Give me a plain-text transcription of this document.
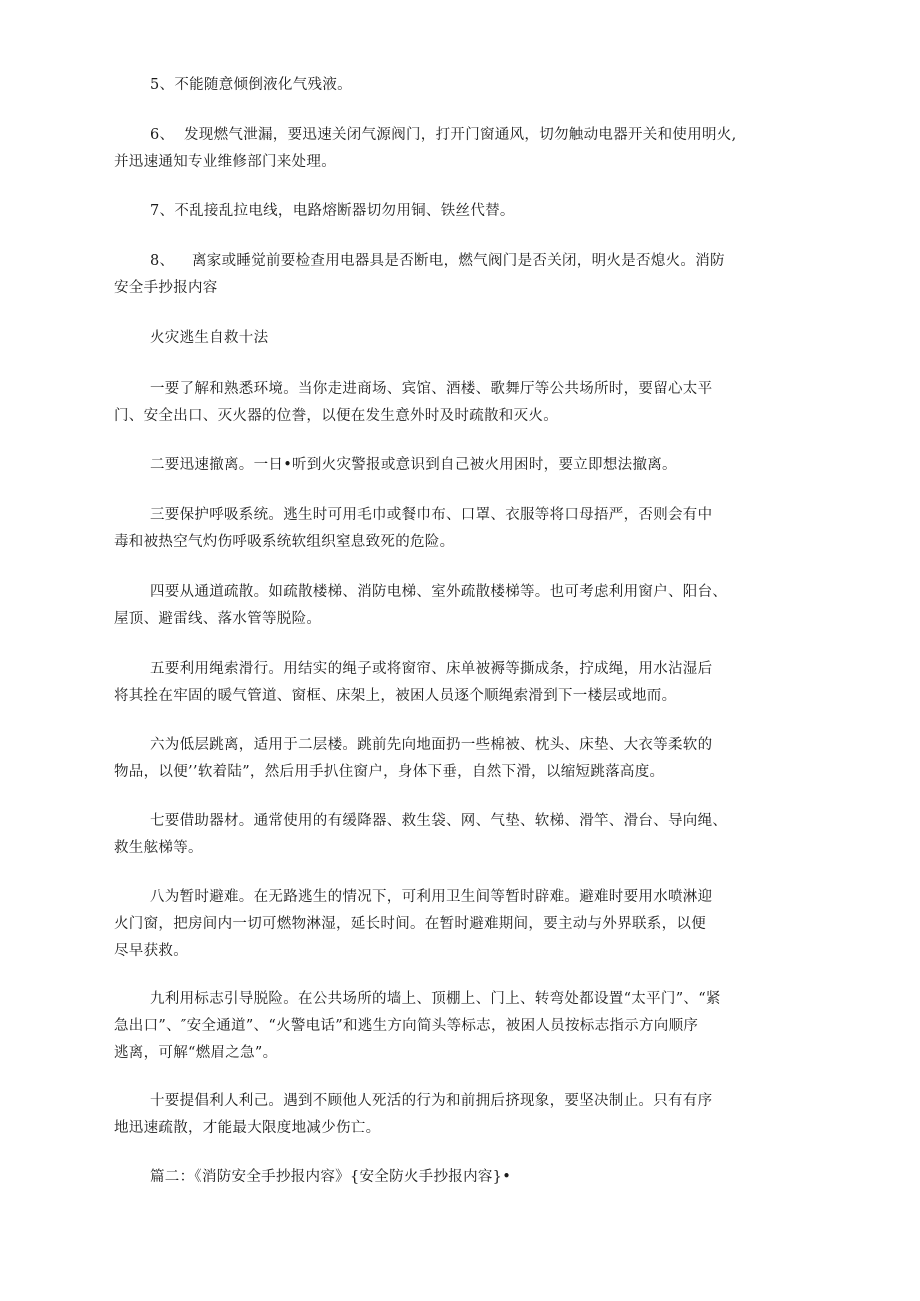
5、不能随意倾倒液化气残液。
6、 发现燃气泄漏，要迅速关闭气源阀门，打开门窗通风，切勿触动电器开关和使用明火,
并迅速通知专业维修部门来处理。
7、不乱接乱拉电线，电路熔断器切勿用铜、铁丝代替。
8、 离家或睡觉前要检查用电器具是否断电，燃气阀门是否关闭，明火是否熄火。消防
安全手抄报内容
火灾逃生自救十法
一要了解和熟悉环境。当你走进商场、宾馆、酒楼、歌舞厅等公共场所时，要留心太平
门、安全出口、灭火器的位誊，以便在发生意外时及时疏散和灭火。
二要迅速撤离。一日•听到火灾警报或意识到自己被火用困时，要立即想法撤离。
三要保护呼吸系统。逃生时可用毛巾或餐巾布、口罩、衣服等将口母捂严，否则会有中
毒和被热空气灼伤呼吸系统软组织窒息致死的危险。
四要从通道疏散。如疏散楼梯、消防电梯、室外疏散楼梯等。也可考虑利用窗户、阳台、
屋顶、避雷线、落水管等脱险。
五要利用绳索滑行。用结实的绳子或将窗帘、床单被褥等撕成条，拧成绳，用水沾湿后
将其拴在牢固的暖气管道、窗框、床架上，被困人员逐个顺绳索滑到下一楼层或地而。
六为低层跳离，适用于二层楼。跳前先向地面扔一些棉被、枕头、床垫、大衣等柔软的
物品，以便’’软着陆”，然后用手扒住窗户，身体下垂，自然下滑，以缩短跳落高度。
七要借助器材。通常使用的有缓降器、救生袋、网、气垫、软梯、滑竿、滑台、导向绳、
救生舷梯等。
八为暂时避难。在无路逃生的情况下，可利用卫生间等暂时辟难。避难时要用水喷淋迎
火门窗，把房间内一切可燃物淋湿，延长时间。在暂时避难期间，要主动与外界联系，以便
尽早获救。
九利用标志引导脱险。在公共场所的墙上、顶棚上、门上、转弯处都设置“太平门”、“紧
急出口”、″安全通道”、“火警电话”和逃生方向简头等标志，被困人员按标志指示方向顺序
逃离，可解“燃眉之急”。
十要提倡利人利己。遇到不顾他人死活的行为和前拥后挤现象，要坚决制止。只有有序
地迅速疏散，才能最大限度地减少伤亡。
篇二：《消防安全手抄报内容》{安全防火手抄报内容}•
